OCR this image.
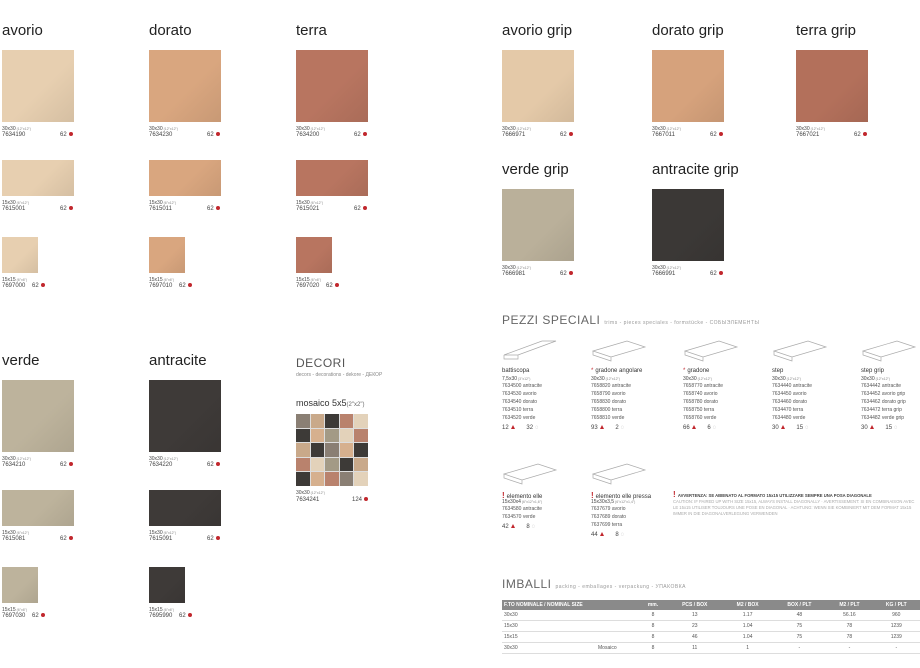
avorio
30x30 (12"x12")
7634190	62
15x30 (6"x12")
7615001	62
15x15 (6"x6")
7697000 62
dorato
30x30 (12"x12")
7634230	62
15x30 (6"x12")
7615011	62
15x15 (6"x6")
7697010 62
terra
30x30 (12"x12")
7634200	62
15x30 (6"x12")
7615021	62
15x15 (6"x6")
7697020 62
verde
30x30 (12"x12")
7634210	62
15x30 (6"x12")
7615081	62
15x15 (6"x6")
7697030 62
antracite
30x30 (12"x12")
7634220	62
15x30 (6"x12")
7615091	62
15x15 (6"x6")
7695990 62
DECORI
decors - decorations - dekore - ДЕКОР
mosaico 5x5(2"x2")
30x30 (12"x12")
7634241	124
avorio grip
30x30 (12"x12")
7666971	62
dorato grip
30x30 (12"x12")
7667011	62
terra grip
30x30 (12"x12")
7667021	62
verde grip
30x30 (12"x12")
7666981	62
antracite grip
30x30 (12"x12")
7666991	62
PEZZI SPECIALI trims - pieces speciales - formstücke - СОБЫЭЛЕМЕНТЫ
battiscopa
7,5x30 (3"x12")
7634500 antracite
7634530 avorio
7634540 dorato
7634510 terra
7634520 verde
12	32 ◌
* gradone angolare
30x30 (12"x12")
7658820 antracite
7658790 avorio
7658830 dorato
7658800 terra
7658810 verde
93	2 ◌
* gradone
30x30 (12"x12")
7658770 antracite
7658740 avorio
7658780 dorato
7658750 terra
7658760 verde
66	6 ◌
step
30x30 (12"x12")
7634440 antracite
7634450 avorio
7634460 dorato
7634470 terra
7634480 verde
30	15 ◌
step grip
30x30 (12"x12")
7634442 antracite
7634452 avorio grip
7634462 dorato grip
7634472 terra grip
7634482 verde grip
30	15 ◌
! elemento elle
15x30x4 (6"x12"x1,6")
7634580 antracite
7634570 verde
42	8 ◌
! elemento elle pressa
15x30x3,5 (6"x12"x1,4")
7637679 avorio
7637689 dorato
7637699 terra
44	8 ◌
! AVVERTENZA: SE ABBINATO AL FORMATO 15x15 UTILIZZARE SEMPRE UNA POSA DIAGONALE
CAUTION: IF PAIRED UP WITH SIZE 15x15, ALWAYS INSTALL DIAGONALLY · AVERTISSEMENT: SI EN COMBINAISON AVEC LE 15x15 UTILISER TOUJOURS UNE POSE EN DIAGONAL · ACHTUNG: WENN SIE KOMBINIERT MIT DEM FORMAT 15x15 IMMER IN DIE DIAGONALVERLEGUNG VERWENDEN
IMBALLI packing - emballages - verpackung - УПАКОВКА
F.TO NOMINALE / NOMINAL SIZE		mm.	PCS / BOX	M2 / BOX	BOX / PLT	M2 / PLT	KG / PLT
30x30		8	13	1.17	48	56.16	960
15x30		8	23	1.04	75	78	1239
15x15		8	46	1.04	75	78	1239
30x30	Mosaico	8	11	1	-	-	-
